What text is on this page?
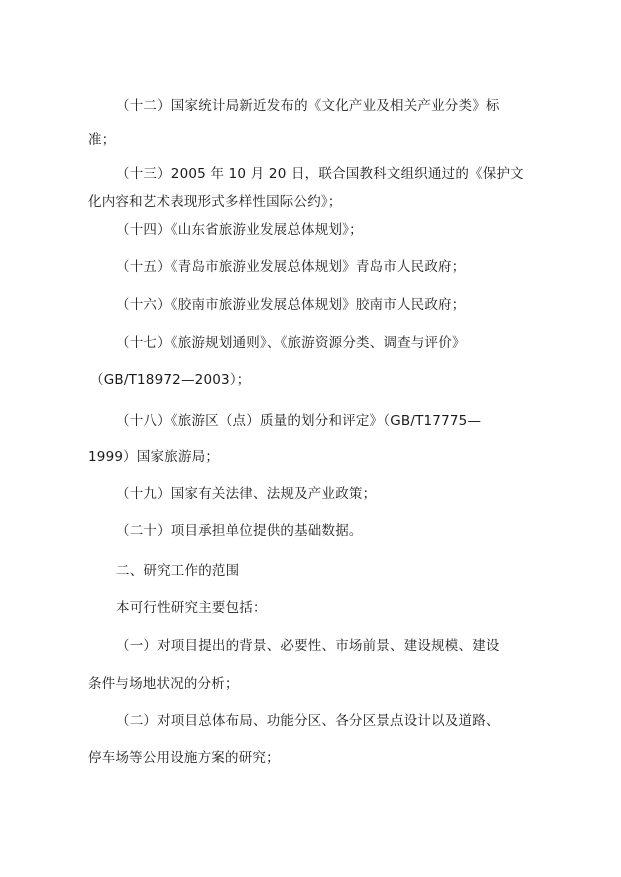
（十二）国家统计局新近发布的《文化产业及相关产业分类》标
准；
（十三）2005 年 10 月 20 日，联合国教科文组织通过的《保护文
化内容和艺术表现形式多样性国际公约》；
（十四）《山东省旅游业发展总体规划》；
（十五）《青岛市旅游业发展总体规划》青岛市人民政府；
（十六）《胶南市旅游业发展总体规划》胶南市人民政府；
（十七）《旅游规划通则》、《旅游资源分类、调查与评价》
（GB/T18972—2003）；
（十八）《旅游区（点）质量的划分和评定》（GB/T17775—
1999）国家旅游局；
（十九）国家有关法律、法规及产业政策；
（二十）项目承担单位提供的基础数据。
二、研究工作的范围
本可行性研究主要包括：
（一）对项目提出的背景、必要性、市场前景、建设规模、建设
条件与场地状况的分析；
（二）对项目总体布局、功能分区、各分区景点设计以及道路、
停车场等公用设施方案的研究；
